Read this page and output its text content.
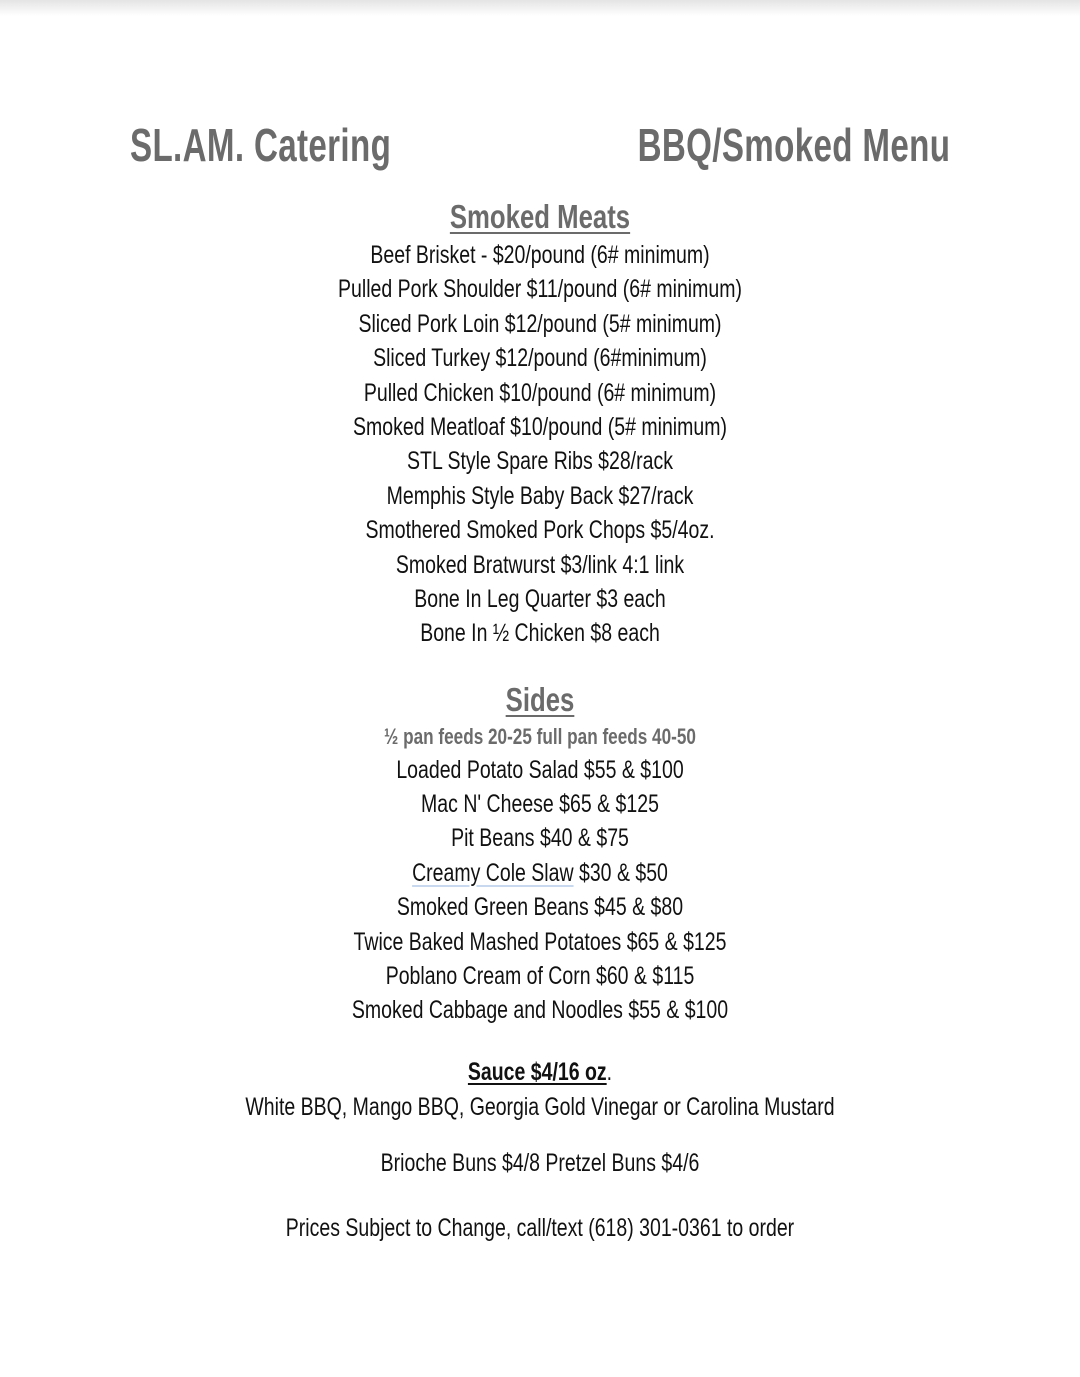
SL.AM. Catering	BBQ/Smoked Menu
Smoked Meats
Beef Brisket - $20/pound (6# minimum)
Pulled Pork Shoulder $11/pound (6# minimum)
Sliced Pork Loin $12/pound (5# minimum)
Sliced Turkey $12/pound (6#minimum)
Pulled Chicken $10/pound (6# minimum)
Smoked Meatloaf $10/pound (5# minimum)
STL Style Spare Ribs $28/rack
Memphis Style Baby Back $27/rack
Smothered Smoked Pork Chops $5/4oz.
Smoked Bratwurst $3/link 4:1 link
Bone In Leg Quarter $3 each
Bone In ½ Chicken $8 each
Sides
½ pan feeds 20-25 full pan feeds 40-50
Loaded Potato Salad $55 & $100
Mac N' Cheese $65 & $125
Pit Beans $40 & $75
Creamy Cole Slaw $30 & $50
Smoked Green Beans $45 & $80
Twice Baked Mashed Potatoes $65 & $125
Poblano Cream of Corn $60 & $115
Smoked Cabbage and Noodles $55 & $100
Sauce $4/16 oz.
White BBQ, Mango BBQ, Georgia Gold Vinegar or Carolina Mustard
Brioche Buns $4/8 Pretzel Buns $4/6
Prices Subject to Change, call/text (618) 301-0361 to order
